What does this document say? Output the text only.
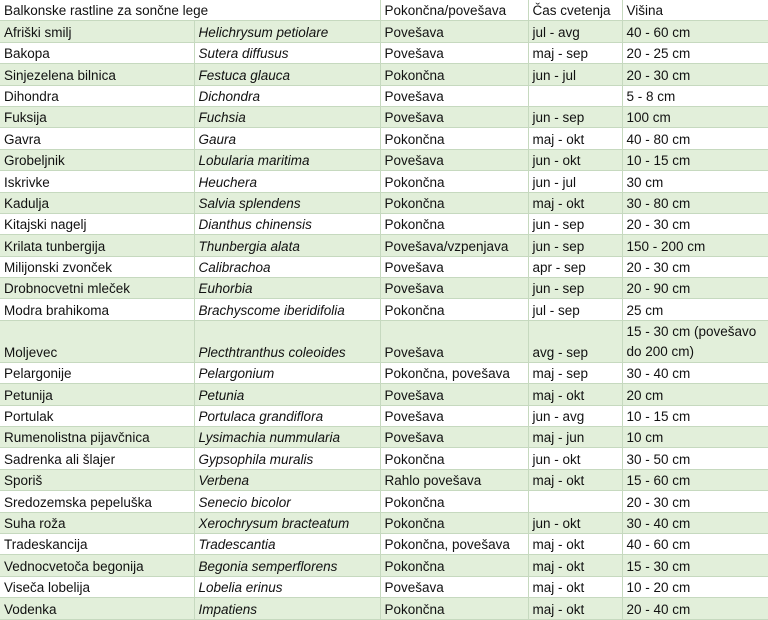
Balkonske rastline za sončne lege		Pokončna/povešava	Čas cvetenja	Višina
Afriški smilj	Helichrysum petiolare	Povešava	jul - avg	40 - 60 cm
Bakopa	Sutera diffusus	Povešava	maj - sep	20 - 25 cm
Sinjezelena bilnica	Festuca glauca	Pokončna	jun - jul	20 - 30 cm
Dihondra	Dichondra	Povešava		5 - 8 cm
Fuksija	Fuchsia	Povešava	jun - sep	100 cm
Gavra	Gaura	Pokončna	maj - okt	40 - 80 cm
Grobeljnik	Lobularia maritima	Povešava	jun - okt	10 - 15 cm
Iskrivke	Heuchera	Pokončna	jun - jul	30 cm
Kadulja	Salvia splendens	Pokončna	maj - okt	30 - 80 cm
Kitajski nagelj	Dianthus chinensis	Pokončna	jun - sep	20 - 30 cm
Krilata tunbergija	Thunbergia alata	Povešava/vzpenjava	jun - sep	150 - 200 cm
Milijonski zvonček	Calibrachoa	Povešava	apr - sep	20 - 30 cm
Drobnocvetni mleček	Euhorbia	Povešava	jun - sep	20 - 90 cm
Modra brahikoma	Brachyscome iberidifolia	Pokončna	jul - sep	25 cm
Moljevec	Plecthtranthus coleoides	Povešava	avg - sep	15 - 30 cm (povešavo do 200 cm)
Pelargonije	Pelargonium	Pokončna, povešava	maj - sep	30 - 40 cm
Petunija	Petunia	Povešava	maj - okt	20 cm
Portulak	Portulaca grandiflora	Povešava	jun - avg	10 - 15 cm
Rumenolistna pijavčnica	Lysimachia nummularia	Povešava	maj - jun	10 cm
Sadrenka ali šlajer	Gypsophila muralis	Pokončna	jun - okt	30 - 50 cm
Sporiš	Verbena	Rahlo povešava	maj - okt	15 - 60 cm
Sredozemska pepeluška	Senecio bicolor	Pokončna		20 - 30 cm
Suha roža	Xerochrysum bracteatum	Pokončna	jun - okt	30 - 40 cm
Tradeskancija	Tradescantia	Pokončna, povešava	maj - okt	40 - 60 cm
Vednocvetoča begonija	Begonia semperflorens	Pokončna	maj - okt	15 - 30 cm
Viseča lobelija	Lobelia erinus	Povešava	maj - okt	10 - 20 cm
Vodenka	Impatiens	Pokončna	maj - okt	20 - 40 cm
